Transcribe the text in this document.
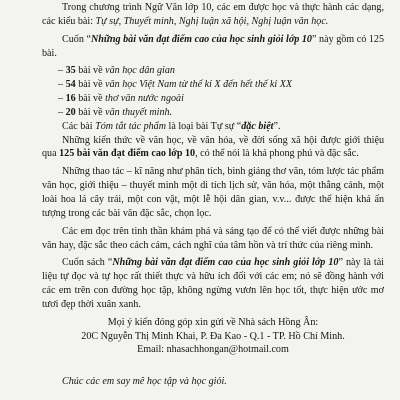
Trong chương trình Ngữ Văn lớp 10, các em được học và thực hành các dạng, các kiểu bài: Tự sự, Thuyết minh, Nghị luận xã hội, Nghị luận văn học.

Cuốn “Những bài văn đạt điểm cao của học sinh giỏi lớp 10” này gồm có 125 bài.

– 35 bài về văn học dân gian

– 54 bài về văn học Việt Nam từ thế kỉ X đến hết thế kỉ XX

– 16 bài về thơ văn nước ngoài

– 20 bài về văn thuyết minh.

Các bài Tóm tắt tác phẩm là loại bài Tự sự “đặc biệt”.

Những kiến thức về văn học, về văn hóa, về đời sống xã hội được giới thiệu qua 125 bài văn đạt điểm cao lớp 10, có thể nói là khá phong phú và đặc sắc.

Những thao tác – kĩ năng như phân tích, bình giảng thơ văn, tóm lược tác phẩm văn học, giới thiệu – thuyết minh một di tích lịch sử, văn hóa, một thắng cảnh, một loài hoa lá cây trái, một con vật, một lễ hội dân gian, v.v... được thể hiện khá ấn tượng trong các bài văn đặc sắc, chọn lọc.

Các em đọc trên tinh thần khám phá và sáng tạo để có thể viết được những bài văn hay, đặc sắc theo cách cảm, cách nghĩ của tâm hồn và trí thức của riêng mình.

Cuốn sách “Những bài văn đạt điểm cao của học sinh giỏi lớp 10” này là tài liệu tự đọc và tự học rất thiết thực và hữu ích đối với các em; nó sẽ đồng hành với các em trên con đường học tập, không ngừng vươn lên học tốt, thực hiện ước mơ tươi đẹp thời xuân xanh.

Mọi ý kiến đóng góp xin gửi về Nhà sách Hồng Ân:

20C Nguyễn Thị Minh Khai, P. Đa Kao - Q.1 - TP. Hồ Chí Minh.

Email: nhasachhongan@hotmail.com

Chúc các em say mê học tập và học giỏi.
